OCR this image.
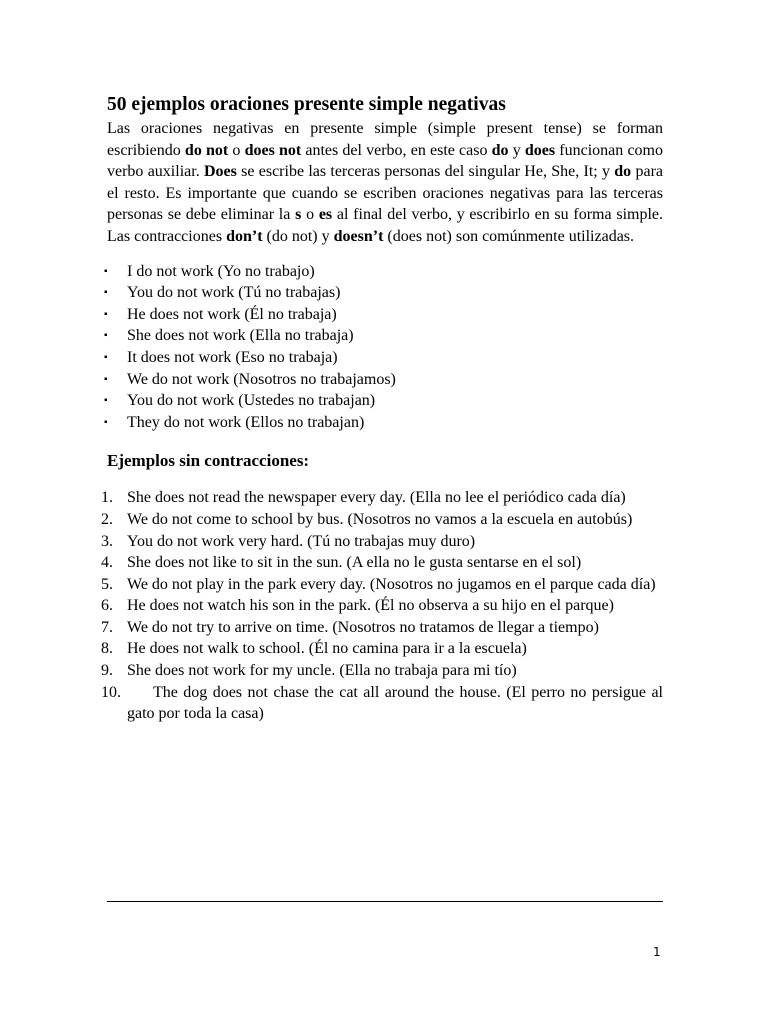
50 ejemplos oraciones presente simple negativas

Las oraciones negativas en presente simple (simple present tense) se forman escribiendo do not o does not antes del verbo, en este caso do y does funcionan como verbo auxiliar. Does se escribe las terceras personas del singular He, She, It; y do para el resto. Es importante que cuando se escriben oraciones negativas para las terceras personas se debe eliminar la s o es al final del verbo, y escribirlo en su forma simple. Las contracciones don’t (do not) y doesn’t (does not) son comúnmente utilizadas.

▪ I do not work (Yo no trabajo)
▪ You do not work (Tú no trabajas)
▪ He does not work (Él no trabaja)
▪ She does not work (Ella no trabaja)
▪ It does not work (Eso no trabaja)
▪ We do not work (Nosotros no trabajamos)
▪ You do not work (Ustedes no trabajan)
▪ They do not work (Ellos no trabajan)
Ejemplos sin contracciones:
1. She does not read the newspaper every day. (Ella no lee el periódico cada día)
2. We do not come to school by bus. (Nosotros no vamos a la escuela en autobús)
3. You do not work very hard. (Tú no trabajas muy duro)
4. She does not like to sit in the sun. (A ella no le gusta sentarse en el sol)
5. We do not play in the park every day. (Nosotros no jugamos en el parque cada día)
6. He does not watch his son in the park. (Él no observa a su hijo en el parque)
7. We do not try to arrive on time. (Nosotros no tratamos de llegar a tiempo)
8. He does not walk to school. (Él no camina para ir a la escuela)
9. She does not work for my uncle. (Ella no trabaja para mi tío)
10. The dog does not chase the cat all around the house. (El perro no persigue al gato por toda la casa)
1
